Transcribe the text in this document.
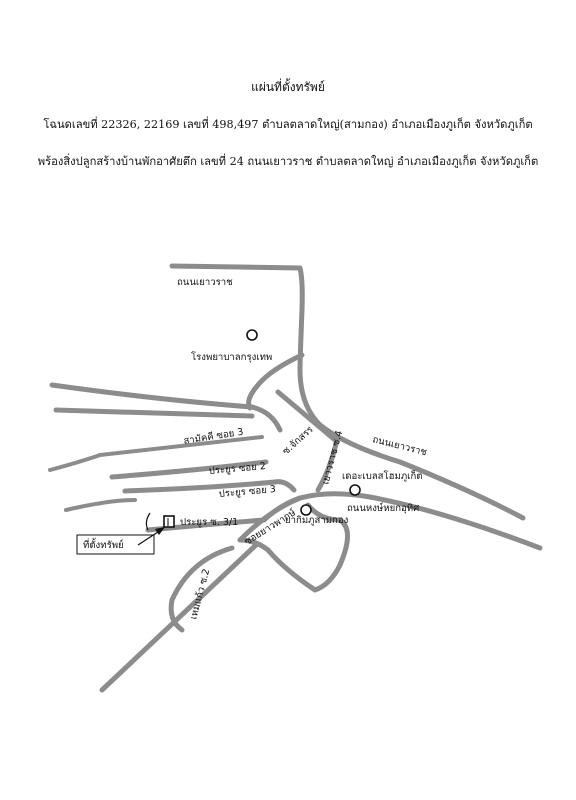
แผ่นที่ตั้งทรัพย์
โฉนดเลขที่ 22326, 22169 เลขที่ 498,497 ตำบลตลาดใหญ่(สามกอง) อำเภอเมืองภูเก็ต จังหวัดภูเก็ต
พร้องสิ่งปลูกสร้างบ้านพักอาศัยตึก เลขที่ 24 ถนนเยาวราช ตำบลตลาดใหญ่ อำเภอเมืองภูเก็ต จังหวัดภูเก็ต
ที่ตั้งทรัพย์
ถนนเยาวราช
โรงพยาบาลกรุงเทพ
สามัคคี ซอย 3	ซ.จักสรร เยาวราช ซ.4	ถนนเยาวราช
ประยูร ซอย 2	เดอะเบลสโฮมภูเก็ต
ประยูร ซอย 3
ถนนหงษ์หยกอุทิศ
ซอยยาวพากษ์
ยากิมภูสามกอง
ประยูร ซ. 3/1
เหมแก้ว ซ.2
